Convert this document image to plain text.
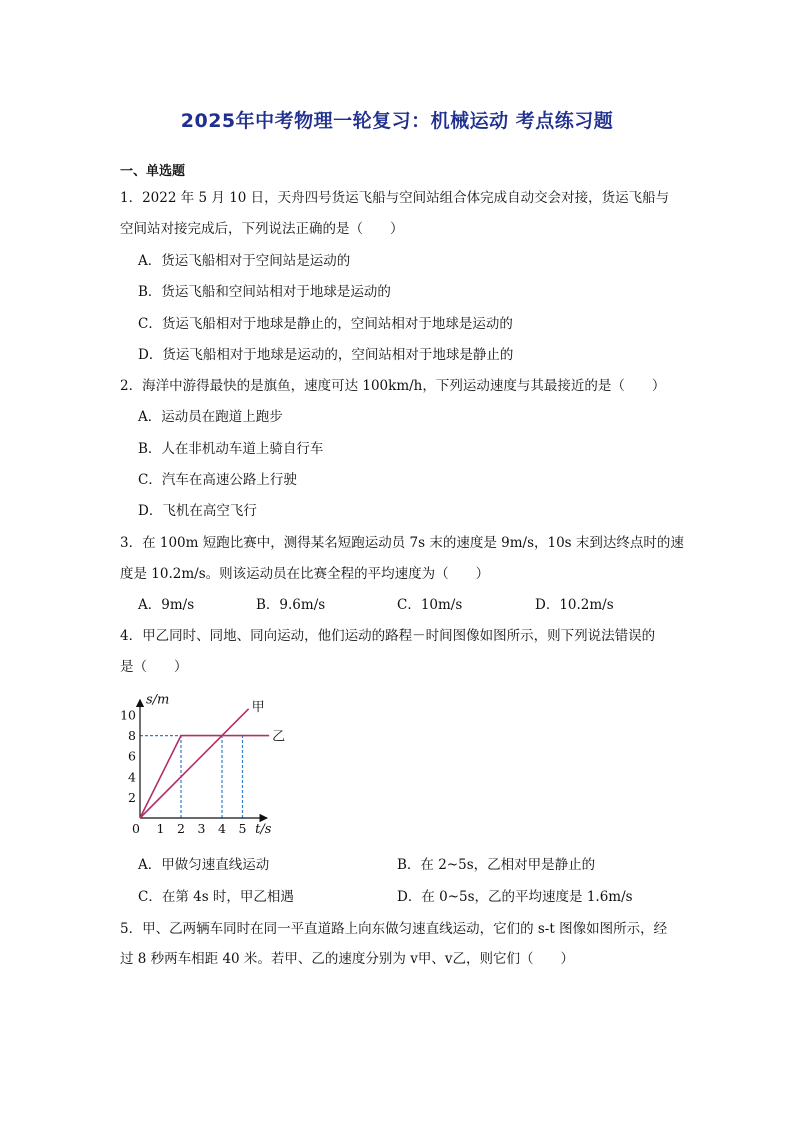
2025年中考物理一轮复习：机械运动 考点练习题
一、单选题
1．2022 年 5 月 10 日，天舟四号货运飞船与空间站组合体完成自动交会对接，货运飞船与
空间站对接完成后，下列说法正确的是（　　）
A．货运飞船相对于空间站是运动的
B．货运飞船和空间站相对于地球是运动的
C．货运飞船相对于地球是静止的，空间站相对于地球是运动的
D．货运飞船相对于地球是运动的，空间站相对于地球是静止的
2．海洋中游得最快的是旗鱼，速度可达 100km/h，下列运动速度与其最接近的是（　　）
A．运动员在跑道上跑步
B．人在非机动车道上骑自行车
C．汽车在高速公路上行驶
D．飞机在高空飞行
3．在 100m 短跑比赛中，测得某名短跑运动员 7s 末的速度是 9m/s，10s 末到达终点时的速
度是 10.2m/s。则该运动员在比赛全程的平均速度为（　　）
A．9m/s	B．9.6m/s	C．10m/s	D．10.2m/s
4．甲乙同时、同地、同向运动，他们运动的路程－时间图像如图所示，则下列说法错误的
是（　　）
0 1 2 3 4 5
2
4
6
8
10
甲
乙
s/m
t/s
A．甲做匀速直线运动	B．在 2~5s，乙相对甲是静止的
C．在第 4s 时，甲乙相遇	D．在 0~5s，乙的平均速度是 1.6m/s
5．甲、乙两辆车同时在同一平直道路上向东做匀速直线运动，它们的 s-t 图像如图所示，经
过 8 秒两车相距 40 米。若甲、乙的速度分别为 v甲、v乙，则它们（　　）
